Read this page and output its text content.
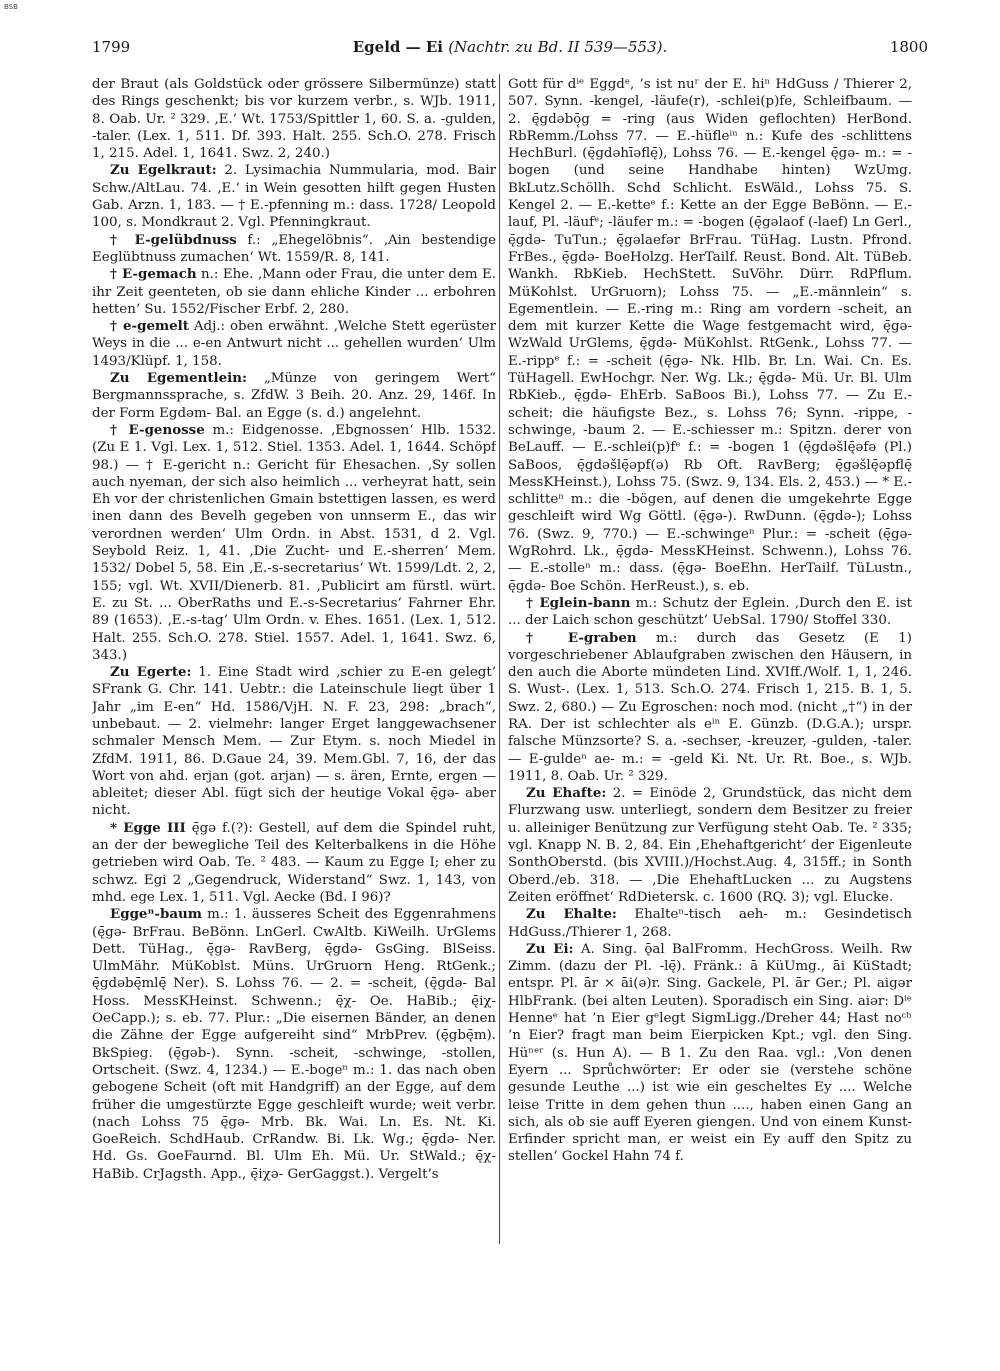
BSB
1799	Egeld — Ei (Nachtr. zu Bd. II 539—553).	1800

der Braut (als Goldstück oder grössere Silbermünze) statt des Rings geschenkt; bis vor kurzem verbr., s. WJb. 1911, 8. Oab. Ur. ² 329. ‚E.‘ Wt. 1753/Spittler 1, 60. S. a. -gulden, -taler. (Lex. 1, 511. Df. 393. Halt. 255. Sch.O. 278. Frisch 1, 215. Adel. 1, 1641. Swz. 2, 240.)

Zu Egelkraut: 2. Lysimachia Nummularia, mod. Bair Schw./AltLau. 74. ‚E.‘ in Wein gesotten hilft gegen Husten Gab. Arzn. 1, 183. — † E.-pfenning m.: dass. 1728/ Leopold 100, s. Mondkraut 2. Vgl. Pfenningkraut.

† E-gelübdnuss f.: „Ehegelöbnis“. ‚Ain bestendige Eeglübtnuss zumachen‘ Wt. 1559/R. 8, 141.

† E-gemach n.: Ehe. ‚Mann oder Frau, die unter dem E. ihr Zeit geenteten, ob sie dann ehliche Kinder ... erbohren hetten‘ Su. 1552/Fischer Erbf. 2, 280.

† e-gemelt Adj.: oben erwähnt. ‚Welche Stett egerüster Weys in die ... e-en Antwurt nicht ... gehellen wurden‘ Ulm 1493/Klüpf. 1, 158.

Zu Egementlein: „Münze von geringem Wert“ Bergmannssprache, s. ZfdW. 3 Beih. 20. Anz. 29, 146f. In der Form Egdəm- Bal. an Egge (s. d.) angelehnt.

† E-genosse m.: Eidgenosse. ‚Ebgnossen‘ Hlb. 1532. (Zu E 1. Vgl. Lex. 1, 512. Stiel. 1353. Adel. 1, 1644. Schöpf 98.) — † E-gericht n.: Gericht für Ehesachen. ‚Sy sollen auch nyeman, der sich also heimlich ... verheyrat hatt, sein Eh vor der christenlichen Gmain bstettigen lassen, es werd inen dann des Bevelh gegeben von unnserm E., das wir verordnen werden‘ Ulm Ordn. in Abst. 1531, d 2. Vgl. Seybold Reiz. 1, 41. ‚Die Zucht- und E.-sherren‘ Mem. 1532/ Dobel 5, 58. Ein ‚E.-s-secretarius‘ Wt. 1599/Ldt. 2, 2, 155; vgl. Wt. XVII/Dienerb. 81. ‚Publicirt am fürstl. würt. E. zu St. ... OberRaths und E.-s-Secretarius‘ Fahrner Ehr. 89 (1653). ‚E.-s-tag‘ Ulm Ordn. v. Ehes. 1651. (Lex. 1, 512. Halt. 255. Sch.O. 278. Stiel. 1557. Adel. 1, 1641. Swz. 6, 343.)

Zu Egerte: 1. Eine Stadt wird ‚schier zu E-en gelegt‘ SFrank G. Chr. 141. Uebtr.: die Lateinschule liegt über 1 Jahr „im E-en“ Hd. 1586/VjH. N. F. 23, 298: „brach“, unbebaut. — 2. vielmehr: langer Erget langgewachsener schmaler Mensch Mem. — Zur Etym. s. noch Miedel in ZfdM. 1911, 86. D.Gaue 24, 39. Mem.Gbl. 7, 16, der das Wort von ahd. erjan (got. arjan) — s. ären, Ernte, ergen — ableitet; dieser Abl. fügt sich der heutige Vokal ę̄gə- aber nicht.

* Egge III ę̄gə f.(?): Gestell, auf dem die Spindel ruht, an der der bewegliche Teil des Kelterbalkens in die Höhe getrieben wird Oab. Te. ² 483. — Kaum zu Egge I; eher zu schwz. Egi 2 „Gegendruck, Widerstand“ Swz. 1, 143, von mhd. ege Lex. 1, 511. Vgl. Aecke (Bd. I 96)?

Eggeⁿ-baum m.: 1. äusseres Scheit des Eggenrahmens (ę̄gə- BrFrau. BeBönn. LnGerl. CwAltb. KiWeilh. UrGlems Dett. TüHag., ę̄gə- RavBerg, ę̄gdə- GsGing. BlSeiss. UlmMähr. MüKoblst. Müns. UrGruorn Heng. RtGenk.; ę̄gdəbę̄mlę̄ Ner). S. Lohss 76. — 2. = -scheit, (ę̄gdə- Bal Hoss. MessKHeinst. Schwenn.; ę̄χ- Oe. HaBib.; ę̄iχ- OeCapp.); s. eb. 77. Plur.: „Die eisernen Bänder, an denen die Zähne der Egge aufgereiht sind“ MrbPrev. (ę̄gbę̄m). BkSpieg. (ę̄gəb-). Synn. -scheit, -schwinge, -stollen, Ortscheit. (Swz. 4, 1234.) — E.-bogeⁿ m.: 1. das nach oben gebogene Scheit (oft mit Handgriff) an der Egge, auf dem früher die umgestürzte Egge geschleift wurde; weit verbr. (nach Lohss 75 ę̄gə- Mrb. Bk. Wai. Ln. Es. Nt. Ki. GoeReich. SchdHaub. CrRandw. Bi. Lk. Wg.; ę̄gdə- Ner. Hd. Gs. GoeFaurnd. Bl. Ulm Eh. Mü. Ur. StWald.; ę̄χ- HaBib. CrJagsth. App., ę̄iχə- GerGaggst.). Vergelt’s

Gott für dⁱᵉ Eggdᵉ, ’s ist nuʳ der E. hiⁿ HdGuss / Thierer 2, 507. Synn. -kengel, -läufe(r), -schlei(p)fe, Schleifbaum. — 2. ę̄gdəbō̜g = -ring (aus Widen geflochten) HerBond. RbRemm./Lohss 77. — E.-hüfleⁱⁿ n.: Kufe des -schlittens HechBurl. (ę̄gdəhīəflę̄), Lohss 76. — E.-kengel ę̄gə- m.: = -bogen (und seine Handhabe hinten) WzUmg. BkLutz.Schöllh. Schd Schlicht. EsWäld., Lohss 75. S. Kengel 2. — E.-ketteᵉ f.: Kette an der Egge BeBönn. — E.-lauf, Pl. -läufᵉ; -läufer m.: = -bogen (ę̄gəlaof (-laef) Ln Gerl., ę̄gdə- TuTun.; ę̄gəlaefər BrFrau. TüHag. Lustn. Pfrond. FrBes., ę̄gdə- BoeHolzg. HerTailf. Reust. Bond. Alt. TüBeb. Wankh. RbKieb. HechStett. SuVöhr. Dürr. RdPflum. MüKohlst. UrGruorn); Lohss 75. — „E.-männlein“ s. Egementlein. — E.-ring m.: Ring am vordern -scheit, an dem mit kurzer Kette die Wage festgemacht wird, ę̄gə- WzWald UrGlems, ę̄gdə- MüKohlst. RtGenk., Lohss 77. — E.-rippᵉ f.: = -scheit (ę̄gə- Nk. Hlb. Br. Ln. Wai. Cn. Es. TüHagell. EwHochgr. Ner. Wg. Lk.; ę̄gdə- Mü. Ur. Bl. Ulm RbKieb., ę̄gdə- EhErb. SaBoos Bi.), Lohss 77. — Zu E.-scheit: die häufigste Bez., s. Lohss 76; Synn. -rippe, -schwinge, -baum 2. — E.-schiesser m.: Spitzn. derer von BeLauff. — E.-schlei(p)fᵉ f.: = -bogen 1 (ę̄gdəšlę̄əfə (Pl.) SaBoos, ę̄gdəšlę̄əpf(ə) Rb Oft. RavBerg; ę̄gəšlę̄əpflę̄ MessKHeinst.), Lohss 75. (Swz. 9, 134. Els. 2, 453.) — * E.-schlitteⁿ m.: die -bögen, auf denen die umgekehrte Egge geschleift wird Wg Göttl. (ę̄gə-). RwDunn. (ę̄gdə-); Lohss 76. (Swz. 9, 770.) — E.-schwingeⁿ Plur.: = -scheit (ę̄gə- WgRohrd. Lk., ę̄gdə- MessKHeinst. Schwenn.), Lohss 76. — E.-stolleⁿ m.: dass. (ę̄gə- BoeEhn. HerTailf. TüLustn., ę̄gdə- Boe Schön. HerReust.), s. eb.

† Eglein-bann m.: Schutz der Eglein. ‚Durch den E. ist ... der Laich schon geschützt‘ UebSal. 1790/ Stoffel 330.

† E-graben m.: durch das Gesetz (E 1) vorgeschriebener Ablaufgraben zwischen den Häusern, in den auch die Aborte mündeten Lind. XVIff./Wolf. 1, 1, 246. S. Wust-. (Lex. 1, 513. Sch.O. 274. Frisch 1, 215. B. 1, 5. Swz. 2, 680.) — Zu Egroschen: noch mod. (nicht „†“) in der RA. Der ist schlechter als eⁱⁿ E. Günzb. (D.G.A.); urspr. falsche Münzsorte? S. a. -sechser, -kreuzer, -gulden, -taler. — E-guldeⁿ ae- m.: = -geld Ki. Nt. Ur. Rt. Boe., s. WJb. 1911, 8. Oab. Ur. ² 329.

Zu Ehafte: 2. = Einöde 2, Grundstück, das nicht dem Flurzwang usw. unterliegt, sondern dem Besitzer zu freier u. alleiniger Benützung zur Verfügung steht Oab. Te. ² 335; vgl. Knapp N. B. 2, 84. Ein ‚Ehehaftgericht‘ der Eigenleute SonthOberstd. (bis XVIII.)/Hochst.Aug. 4, 315ff.; in Sonth Oberd./eb. 318. — ‚Die EhehaftLucken ... zu Augstens Zeiten eröffnet‘ RdDietersk. c. 1600 (RQ. 3); vgl. Elucke.

Zu Ehalte: Ehalteⁿ-tisch aeh- m.: Gesindetisch HdGuss./Thierer 1, 268.

Zu Ei: A. Sing. ǭal BalFromm. HechGross. Weilh. Rw Zimm. (dazu der Pl. -lę̄). Fränk.: ā KüUmg., āi KüStadt; entspr. Pl. ār × āi(ə)r. Sing. Gackele, Pl. ār Ger.; Pl. aigər HlbFrank. (bei alten Leuten). Sporadisch ein Sing. aiər: Dⁱᵉ Henneᵉ hat ’n Eier gᵉlegt SigmLigg./Dreher 44; Hast noᶜʰ ’n Eier? fragt man beim Eierpicken Kpt.; vgl. den Sing. Hüⁿᵉʳ (s. Hun A). — B 1. Zu den Raa. vgl.: ‚Von denen Eyern ... Sprůchwörter: Er oder sie (verstehe schöne gesunde Leuthe ...) ist wie ein gescheltes Ey .... Welche leise Tritte in dem gehen thun ...., haben einen Gang an sich, als ob sie auff Eyeren giengen. Und von einem Kunst-Erfinder spricht man, er weist ein Ey auff den Spitz zu stellen‘ Gockel Hahn 74 f.
